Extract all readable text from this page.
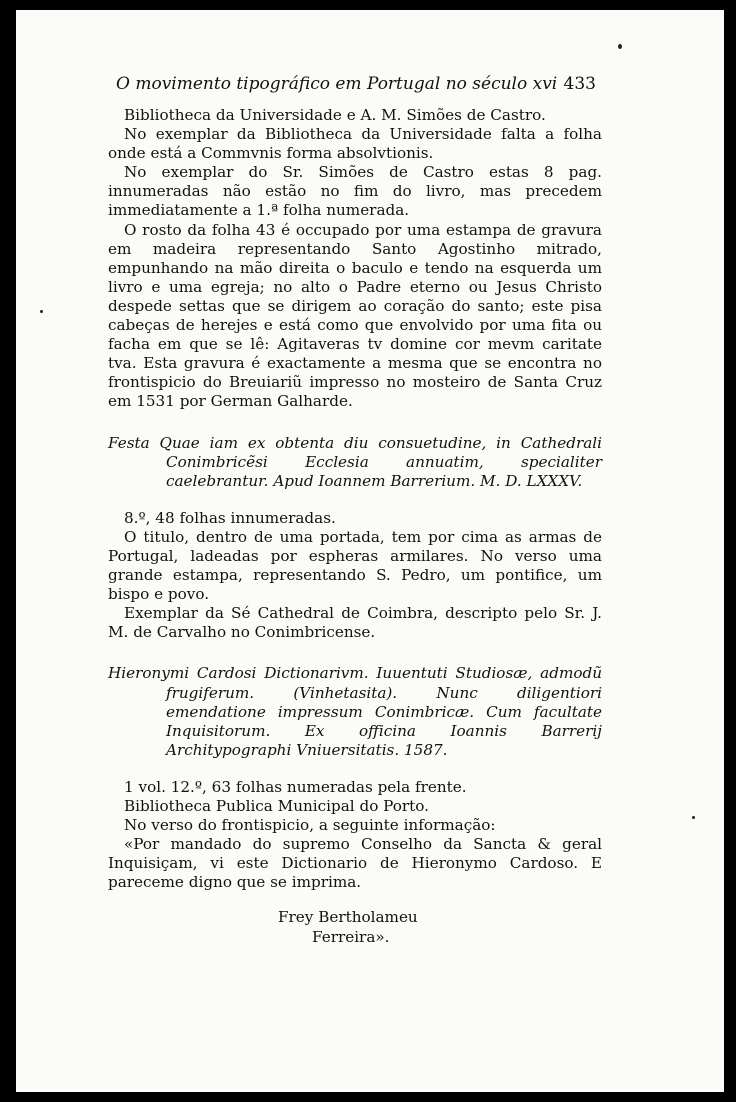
O movimento tipográfico em Portugal no século xvi 433

Bibliotheca da Universidade e A. M. Simões de Castro.

No exemplar da Bibliotheca da Universidade falta a folha onde está a Commvnis forma absolvtionis.

No exemplar do Sr. Simões de Castro estas 8 pag. innumeradas não estão no fim do livro, mas precedem immediatamente a 1.ª folha numerada.

O rosto da folha 43 é occupado por uma estampa de gravura em madeira representando Santo Agostinho mitrado, empunhando na mão direita o baculo e tendo na esquerda um livro e uma egreja; no alto o Padre eterno ou Jesus Christo despede settas que se dirigem ao coração do santo; este pisa cabeças de herejes e está como que envolvido por uma fita ou facha em que se lê: Agitaveras tv domine cor mevm caritate tva. Esta gravura é exactamente a mesma que se encontra no frontispicio do Breuiariũ impresso no mosteiro de Santa Cruz em 1531 por German Galharde.

Festa Quae iam ex obtenta diu consuetudine, in Cathedrali Conimbricẽsi Ecclesia annuatim, specialiter caelebrantur. Apud Ioannem Barrerium. M. D. LXXXV.

8.º, 48 folhas innumeradas.

O titulo, dentro de uma portada, tem por cima as armas de Portugal, ladeadas por espheras armilares. No verso uma grande estampa, representando S. Pedro, um pontifice, um bispo e povo.

Exemplar da Sé Cathedral de Coimbra, descripto pelo Sr. J. M. de Carvalho no Conimbricense.

Hieronymi Cardosi Dictionarivm. Iuuentuti Studiosæ, admodũ frugiferum. (Vinhetasita). Nunc diligentiori emendatione impressum Conimbricæ. Cum facultate Inquisitorum. Ex officina Ioannis Barrerij Architypographi Vniuersitatis. 1587.

1 vol. 12.º, 63 folhas numeradas pela frente.

Bibliotheca Publica Municipal do Porto.

No verso do frontispicio, a seguinte informação:

«Por mandado do supremo Conselho da Sancta & geral Inquisiçam, vi este Dictionario de Hieronymo Cardoso. E pareceme digno que se imprima.

Frey Bertholameu
Ferreira».
